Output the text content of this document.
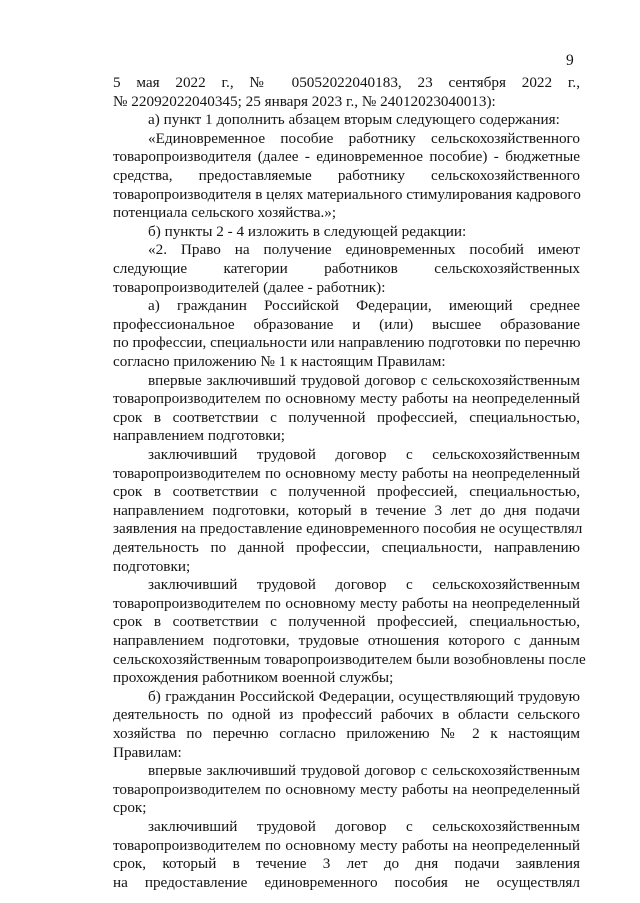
9
5 мая 2022 г., № 05052022040183, 23 сентября 2022 г.,
№ 22092022040345; 25 января 2023 г., № 24012023040013):
а) пункт 1 дополнить абзацем вторым следующего содержания:
«Единовременное пособие работнику сельскохозяйственного
товаропроизводителя (далее - единовременное пособие) - бюджетные
средства, предоставляемые работнику сельскохозяйственного
товаропроизводителя в целях материального стимулирования кадрового
потенциала сельского хозяйства.»;
б) пункты 2 - 4 изложить в следующей редакции:
«2. Право на получение единовременных пособий имеют
следующие категории работников сельскохозяйственных
товаропроизводителей (далее - работник):
а) гражданин Российской Федерации, имеющий среднее
профессиональное образование и (или) высшее образование
по профессии, специальности или направлению подготовки по перечню
согласно приложению № 1 к настоящим Правилам:
впервые заключивший трудовой договор с сельскохозяйственным
товаропроизводителем по основному месту работы на неопределенный
срок в соответствии с полученной профессией, специальностью,
направлением подготовки;
заключивший трудовой договор с сельскохозяйственным
товаропроизводителем по основному месту работы на неопределенный
срок в соответствии с полученной профессией, специальностью,
направлением подготовки, который в течение 3 лет до дня подачи
заявления на предоставление единовременного пособия не осуществлял
деятельность по данной профессии, специальности, направлению
подготовки;
заключивший трудовой договор с сельскохозяйственным
товаропроизводителем по основному месту работы на неопределенный
срок в соответствии с полученной профессией, специальностью,
направлением подготовки, трудовые отношения которого с данным
сельскохозяйственным товаропроизводителем были возобновлены после
прохождения работником военной службы;
б) гражданин Российской Федерации, осуществляющий трудовую
деятельность по одной из профессий рабочих в области сельского
хозяйства по перечню согласно приложению № 2 к настоящим
Правилам:
впервые заключивший трудовой договор с сельскохозяйственным
товаропроизводителем по основному месту работы на неопределенный
срок;
заключивший трудовой договор с сельскохозяйственным
товаропроизводителем по основному месту работы на неопределенный
срок, который в течение 3 лет до дня подачи заявления
на предоставление единовременного пособия не осуществлял
